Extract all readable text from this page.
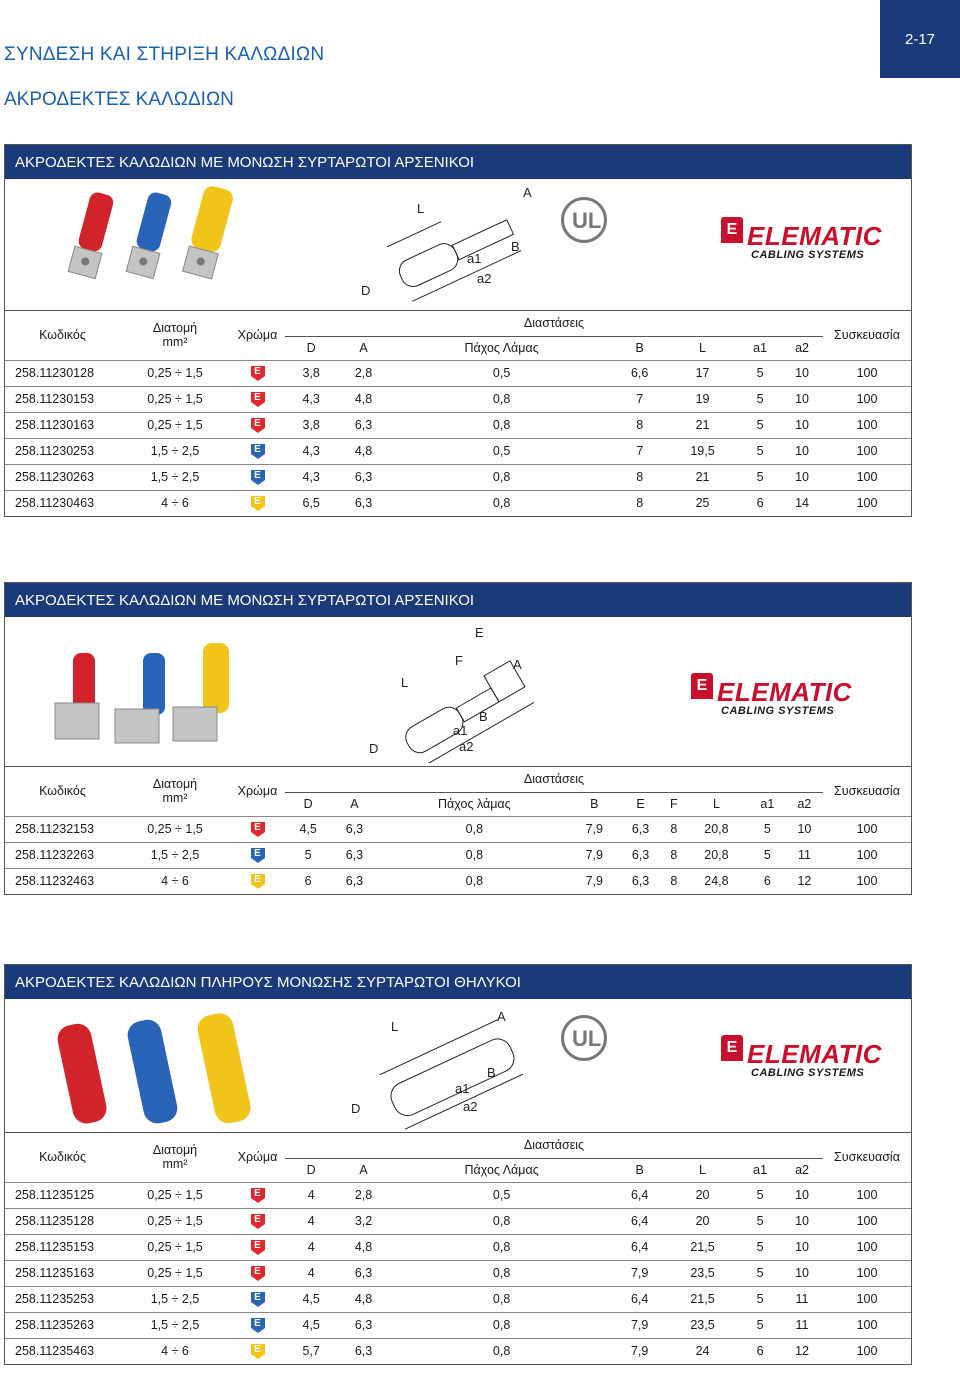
2-17
ΣΥΝΔΕΣΗ ΚΑΙ ΣΤΗΡΙΞΗ ΚΑΛΩΔΙΩΝ
ΑΚΡΟΔΕΚΤΕΣ ΚΑΛΩΔΙΩΝ
ΑΚΡΟΔΕΚΤΕΣ ΚΑΛΩΔΙΩΝ ΜΕ ΜΟΝΩΣΗ ΣΥΡΤΑΡΩΤΟΙ ΑΡΣΕΝΙΚΟΙ
L
A
B
a1
a2
D
UL	E ELEMATIC
CABLING SYSTEMS
Κωδικός	Διατομή
mm²	Χρώμα	Διαστάσεις							Συσκευασία
			D	A	Πάχος Λάμας	B	L	a1	a2	
258.11230128	0,25 ÷ 1,5	E	3,8	2,8	0,5	6,6	17	5	10	100
258.11230153	0,25 ÷ 1,5	E	4,3	4,8	0,8	7	19	5	10	100
258.11230163	0,25 ÷ 1,5	E	3,8	6,3	0,8	8	21	5	10	100
258.11230253	1,5 ÷ 2,5	E	4,3	4,8	0,5	7	19,5	5	10	100
258.11230263	1,5 ÷ 2,5	E	4,3	6,3	0,8	8	21	5	10	100
258.11230463	4 ÷ 6	E	6,5	6,3	0,8	8	25	6	14	100
ΑΚΡΟΔΕΚΤΕΣ ΚΑΛΩΔΙΩΝ ΜΕ ΜΟΝΩΣΗ ΣΥΡΤΑΡΩΤΟΙ ΑΡΣΕΝΙΚΟΙ
E
F	A
L
B
a1
a2
D
E ELEMATIC
CABLING SYSTEMS
Κωδικός	Διατομή
mm²	Χρώμα	Διαστάσεις									Συσκευασία
			D	A	Πάχος λάμας	B	E	F	L	a1	a2	
258.11232153	0,25 ÷ 1,5	E	4,5	6,3	0,8	7,9	6,3	8	20,8	5	10	100
258.11232263	1,5 ÷ 2,5	E	5	6,3	0,8	7,9	6,3	8	20,8	5	11	100
258.11232463	4 ÷ 6	E	6	6,3	0,8	7,9	6,3	8	24,8	6	12	100
ΑΚΡΟΔΕΚΤΕΣ ΚΑΛΩΔΙΩΝ ΠΛΗΡΟΥΣ ΜΟΝΩΣΗΣ ΣΥΡΤΑΡΩΤΟΙ ΘΗΛΥΚΟΙ
L
A
B
a1
a2
D
UL	E ELEMATIC
CABLING SYSTEMS
Κωδικός	Διατομή
mm²	Χρώμα	Διαστάσεις							Συσκευασία
			D	A	Πάχος Λάμας	B	L	a1	a2	
258.11235125	0,25 ÷ 1,5	E	4	2,8	0,5	6,4	20	5	10	100
258.11235128	0,25 ÷ 1,5	E	4	3,2	0,8	6,4	20	5	10	100
258.11235153	0,25 ÷ 1,5	E	4	4,8	0,8	6,4	21,5	5	10	100
258.11235163	0,25 ÷ 1,5	E	4	6,3	0,8	7,9	23,5	5	10	100
258.11235253	1,5 ÷ 2,5	E	4,5	4,8	0,8	6,4	21,5	5	11	100
258.11235263	1,5 ÷ 2,5	E	4,5	6,3	0,8	7,9	23,5	5	11	100
258.11235463	4 ÷ 6	E	5,7	6,3	0,8	7,9	24	6	12	100
